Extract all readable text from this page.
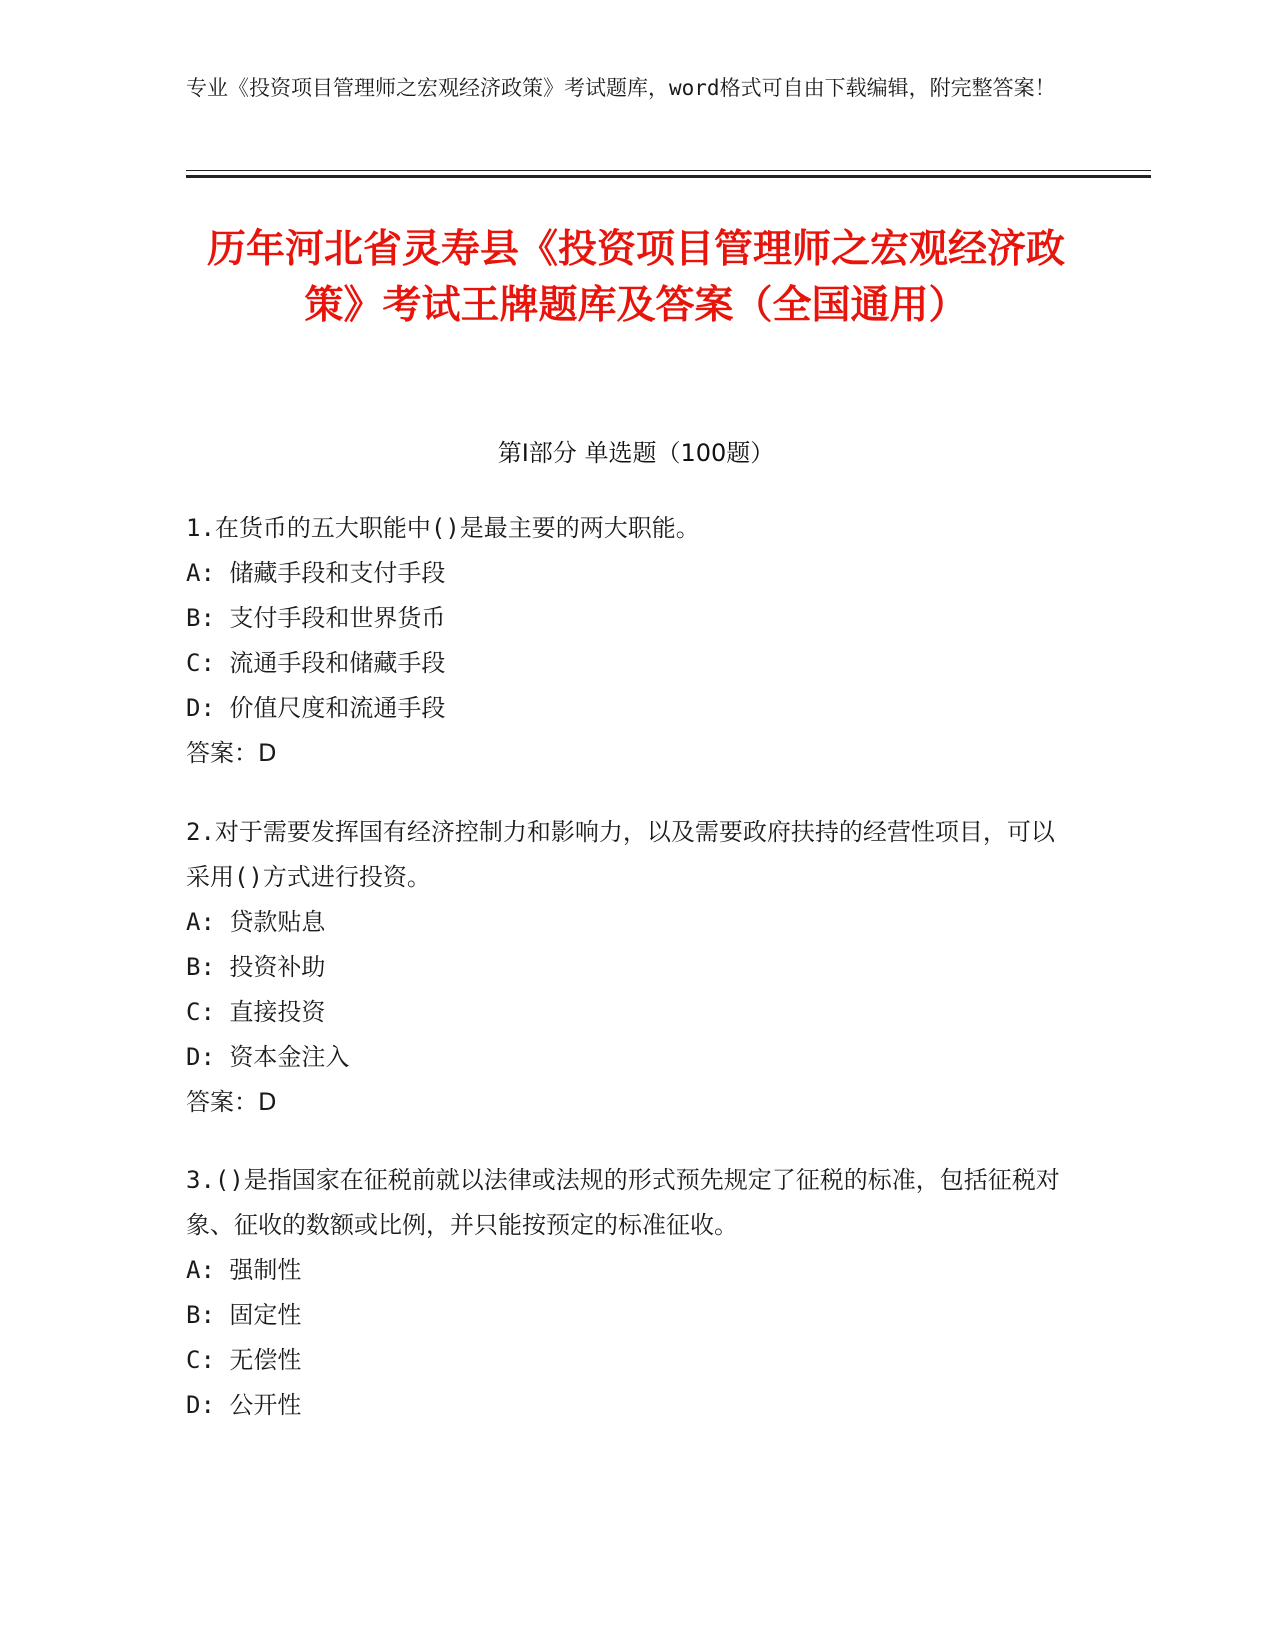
专业《投资项目管理师之宏观经济政策》考试题库，word格式可自由下载编辑，附完整答案！
历年河北省灵寿县《投资项目管理师之宏观经济政策》考试王牌题库及答案（全国通用）
第Ⅰ部分 单选题（100题）

1.在货币的五大职能中()是最主要的两大职能。

A: 储藏手段和支付手段

B: 支付手段和世界货币

C: 流通手段和储藏手段

D: 价值尺度和流通手段

答案：D

2.对于需要发挥国有经济控制力和影响力，以及需要政府扶持的经营性项目，可以采用()方式进行投资。

A: 贷款贴息

B: 投资补助

C: 直接投资

D: 资本金注入

答案：D

3.()是指国家在征税前就以法律或法规的形式预先规定了征税的标准，包括征税对象、征收的数额或比例，并只能按预定的标准征收。

A: 强制性

B: 固定性

C: 无偿性

D: 公开性
